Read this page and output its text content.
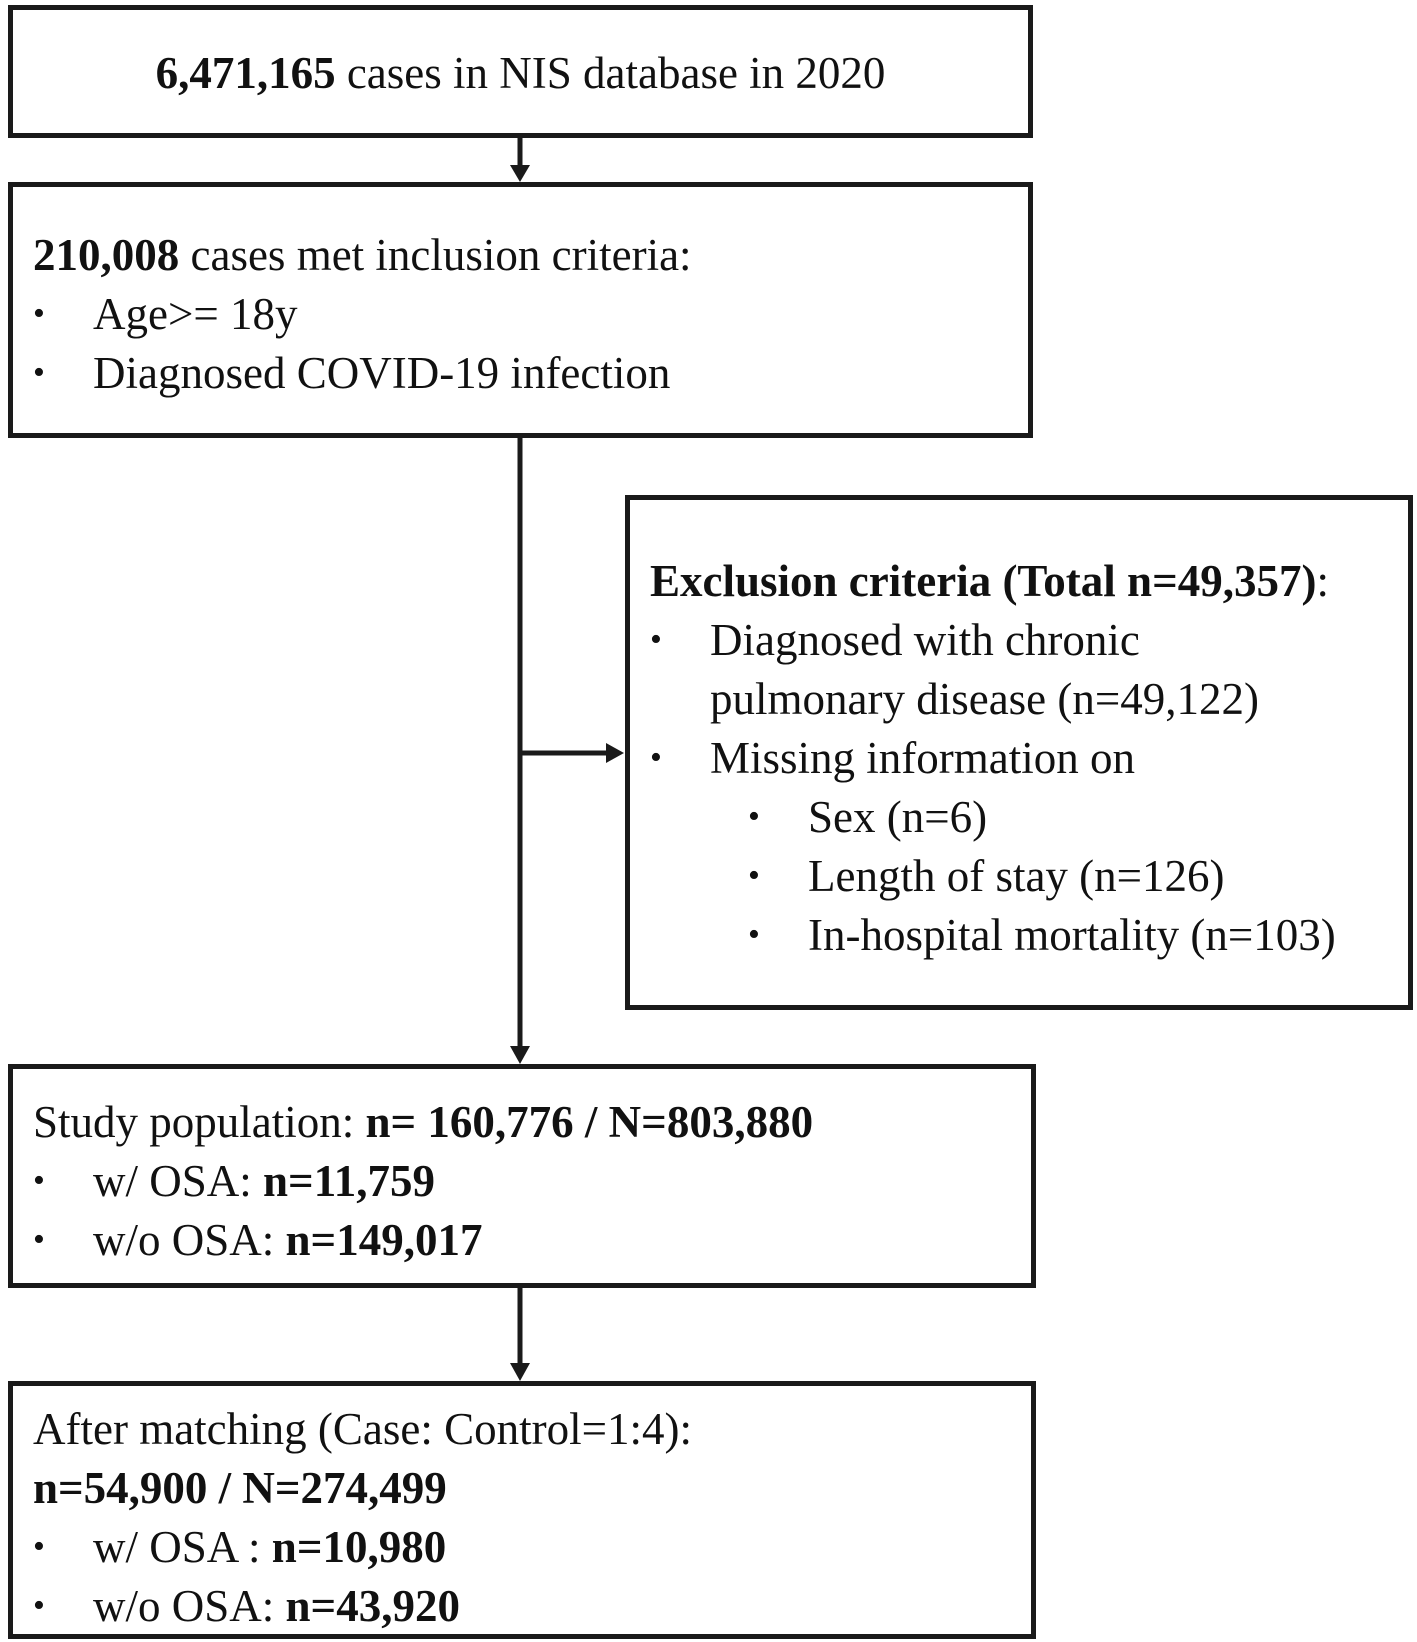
6,471,165 cases in NIS database in 2020
210,008 cases met inclusion criteria:
• Age>= 18y
• Diagnosed COVID-19 infection
Exclusion criteria (Total n=49,357):
• Diagnosed with chronic
pulmonary disease (n=49,122)
• Missing information on
• Sex (n=6)
• Length of stay (n=126)
• In-hospital mortality (n=103)
Study population: n= 160,776 / N=803,880
• w/ OSA: n=11,759
• w/o OSA: n=149,017
After matching (Case: Control=1:4):
n=54,900 / N=274,499
• w/ OSA : n=10,980
• w/o OSA: n=43,920
